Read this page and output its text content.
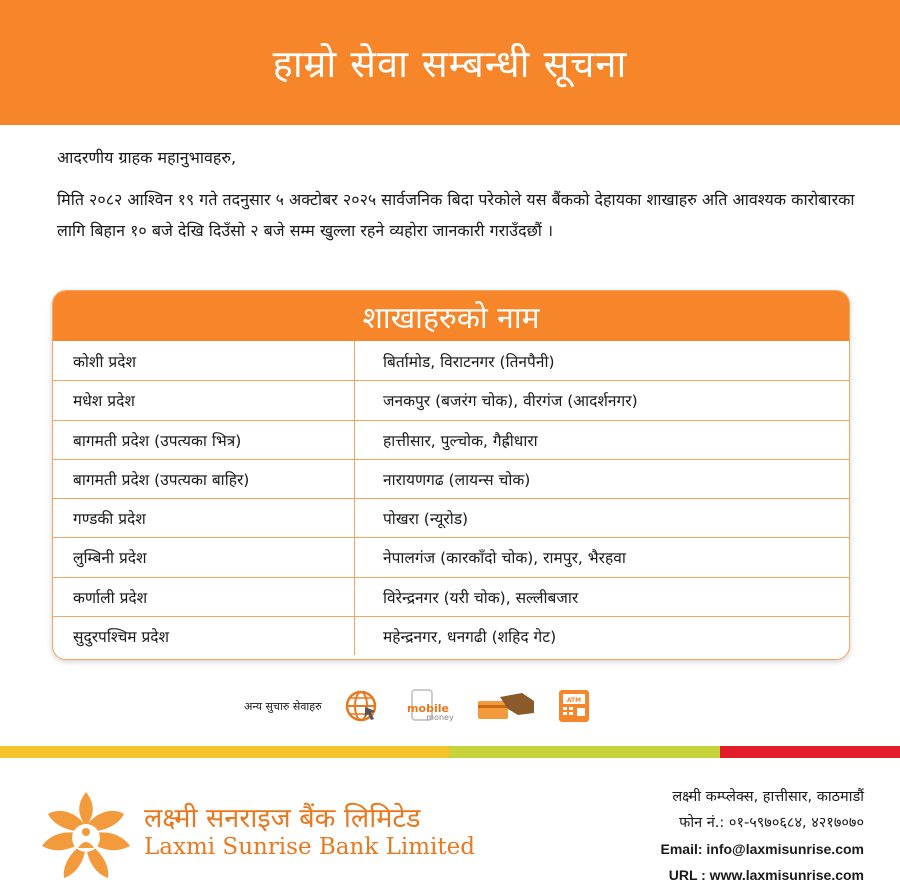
हाम्रो सेवा सम्बन्धी सूचना
आदरणीय ग्राहक महानुभावहरु,
मिति २०८२ आश्विन १९ गते तदनुसार ५ अक्टोबर २०२५ सार्वजनिक बिदा परेकोले यस बैंकको देहायका शाखाहरु अति आवश्यक कारोबारका लागि बिहान १० बजे देखि दिउँसो २ बजे सम्म खुल्ला रहने व्यहोरा जानकारी गराउँदछौं ।
शाखाहरुको नाम
कोशी प्रदेश	बिर्तामोड, विराटनगर (तिनपैनी)
मधेश प्रदेश	जनकपुर (बजरंग चोक), वीरगंज (आदर्शनगर)
बागमती प्रदेश (उपत्यका भित्र)	हात्तीसार, पुल्चोक, गैह्रीधारा
बागमती प्रदेश (उपत्यका बाहिर)	नारायणगढ (लायन्स चोक)
गण्डकी प्रदेश	पोखरा (न्यूरोड)
लुम्बिनी प्रदेश	नेपालगंज (कारकाँदो चोक), रामपुर, भैरहवा
कर्णाली प्रदेश	विरेन्द्रनगर (यरी चोक), सल्लीबजार
सुदुरपश्चिम प्रदेश	महेन्द्रनगर, धनगढी (शहिद गेट)
अन्य सुचारु सेवाहरु	mobile
money
ATM
लक्ष्मी सनराइज बैंक लिमिटेड
Laxmi Sunrise Bank Limited
लक्ष्मी कम्प्लेक्स, हात्तीसार, काठमाडौं
फोन नं.: ०१-५९७०६८४, ४२१७०७०
Email: info@laxmisunrise.com
URL : www.laxmisunrise.com
